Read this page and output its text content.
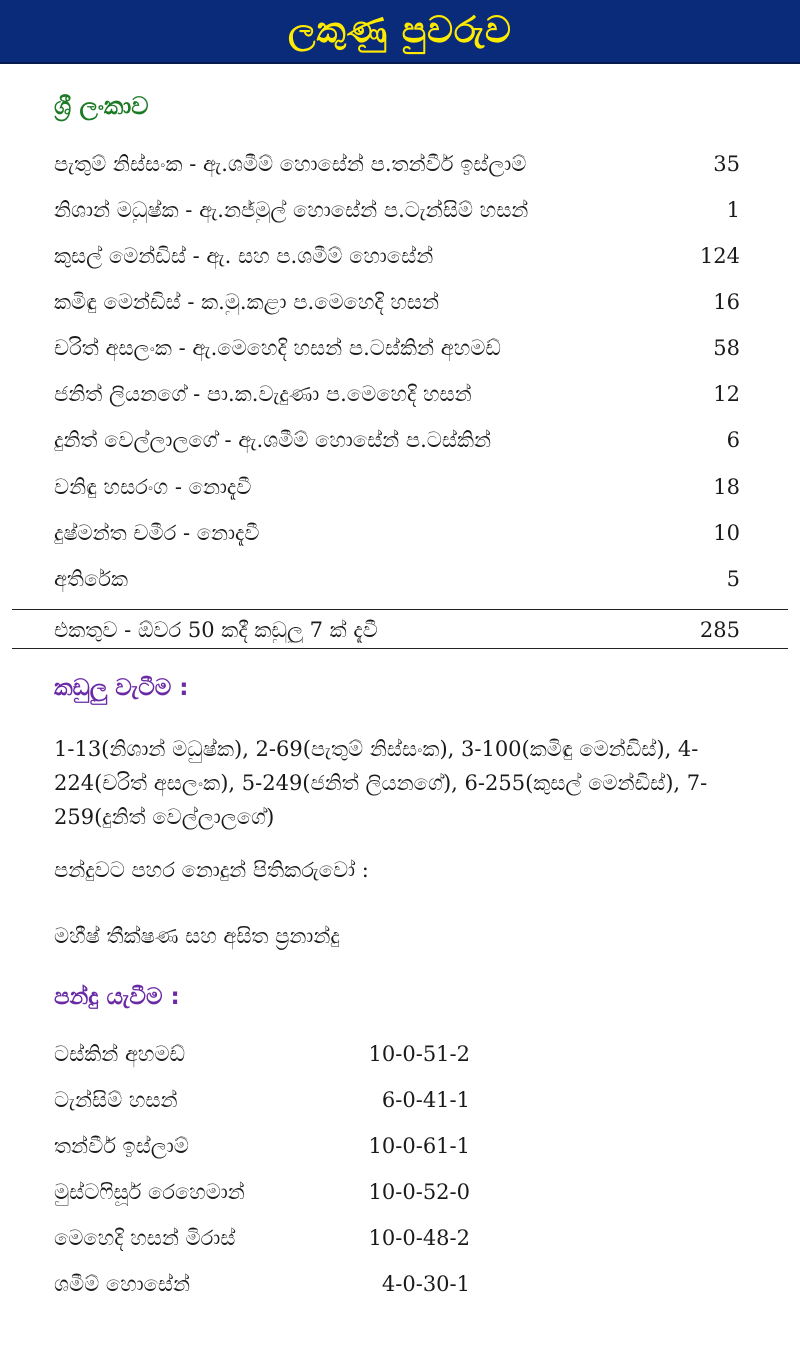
ලකුණු පුවරුව
ශ්‍රී ලංකාව
පැතුම් නිස්සංක - ඇ.ශමීම් හොසේන් ප.තන්වීර් ඉස්ලාම්	35
නිශාන් මධුෂ්ක - ඇ.නජ්මුල් හොසේන් ප.ටැන්සිම් හසන්	1
කුසල් මෙන්ඩිස් - ඇ. සහ ප.ශමීම් හොසේන්	124
කමිඳු මෙන්ඩිස් - ක.මු.කළා ප.මෙහෙදි හසන්	16
චරිත් අසලංක - ඇ.මෙහෙදි හසන් ප.ටස්කින් අහමඩ්	58
ජනිත් ලියනගේ - පා.ක.වැදුණා ප.මෙහෙදි හසන්	12
දුනිත් වෙල්ලාලගේ - ඇ.ශමීම් හොසේන් ප.ටස්කින්	6
වනිඳු හසරංග - නොදැවී	18
දුෂ්මන්ත චමීර - නොදැවී	10
අතිරේක	5
එකතුව - ඕවර 50 කදී කඩුලු 7 ක් දැවී	285
කඩුලු වැටීම :
1-13(නිශාන් මධුෂ්ක), 2-69(පැතුම් නිස්සංක), 3-100(කමිඳු මෙන්ඩිස්), 4-224(චරිත් අසලංක), 5-249(ජනිත් ලියනගේ), 6-255(කුසල් මෙන්ඩිස්), 7-259(දුනිත් වෙල්ලාලගේ)
පන්දුවට පහර නොදුන් පිතිකරුවෝ :
මහීෂ් තීක්ෂණ සහ අසිත ප්‍රනාන්දු
පන්දු යැවීම :
ටස්කින් අහමඩ්	10-0-51-2
ටැන්සිම් හසන්	6-0-41-1
තන්වීර් ඉස්ලාම්	10-0-61-1
මුස්ටෆිසූර් රෙහෙමාන්	10-0-52-0
මෙහෙදි හසන් මිරාස්	10-0-48-2
ශමීම් හොසේන්	4-0-30-1
